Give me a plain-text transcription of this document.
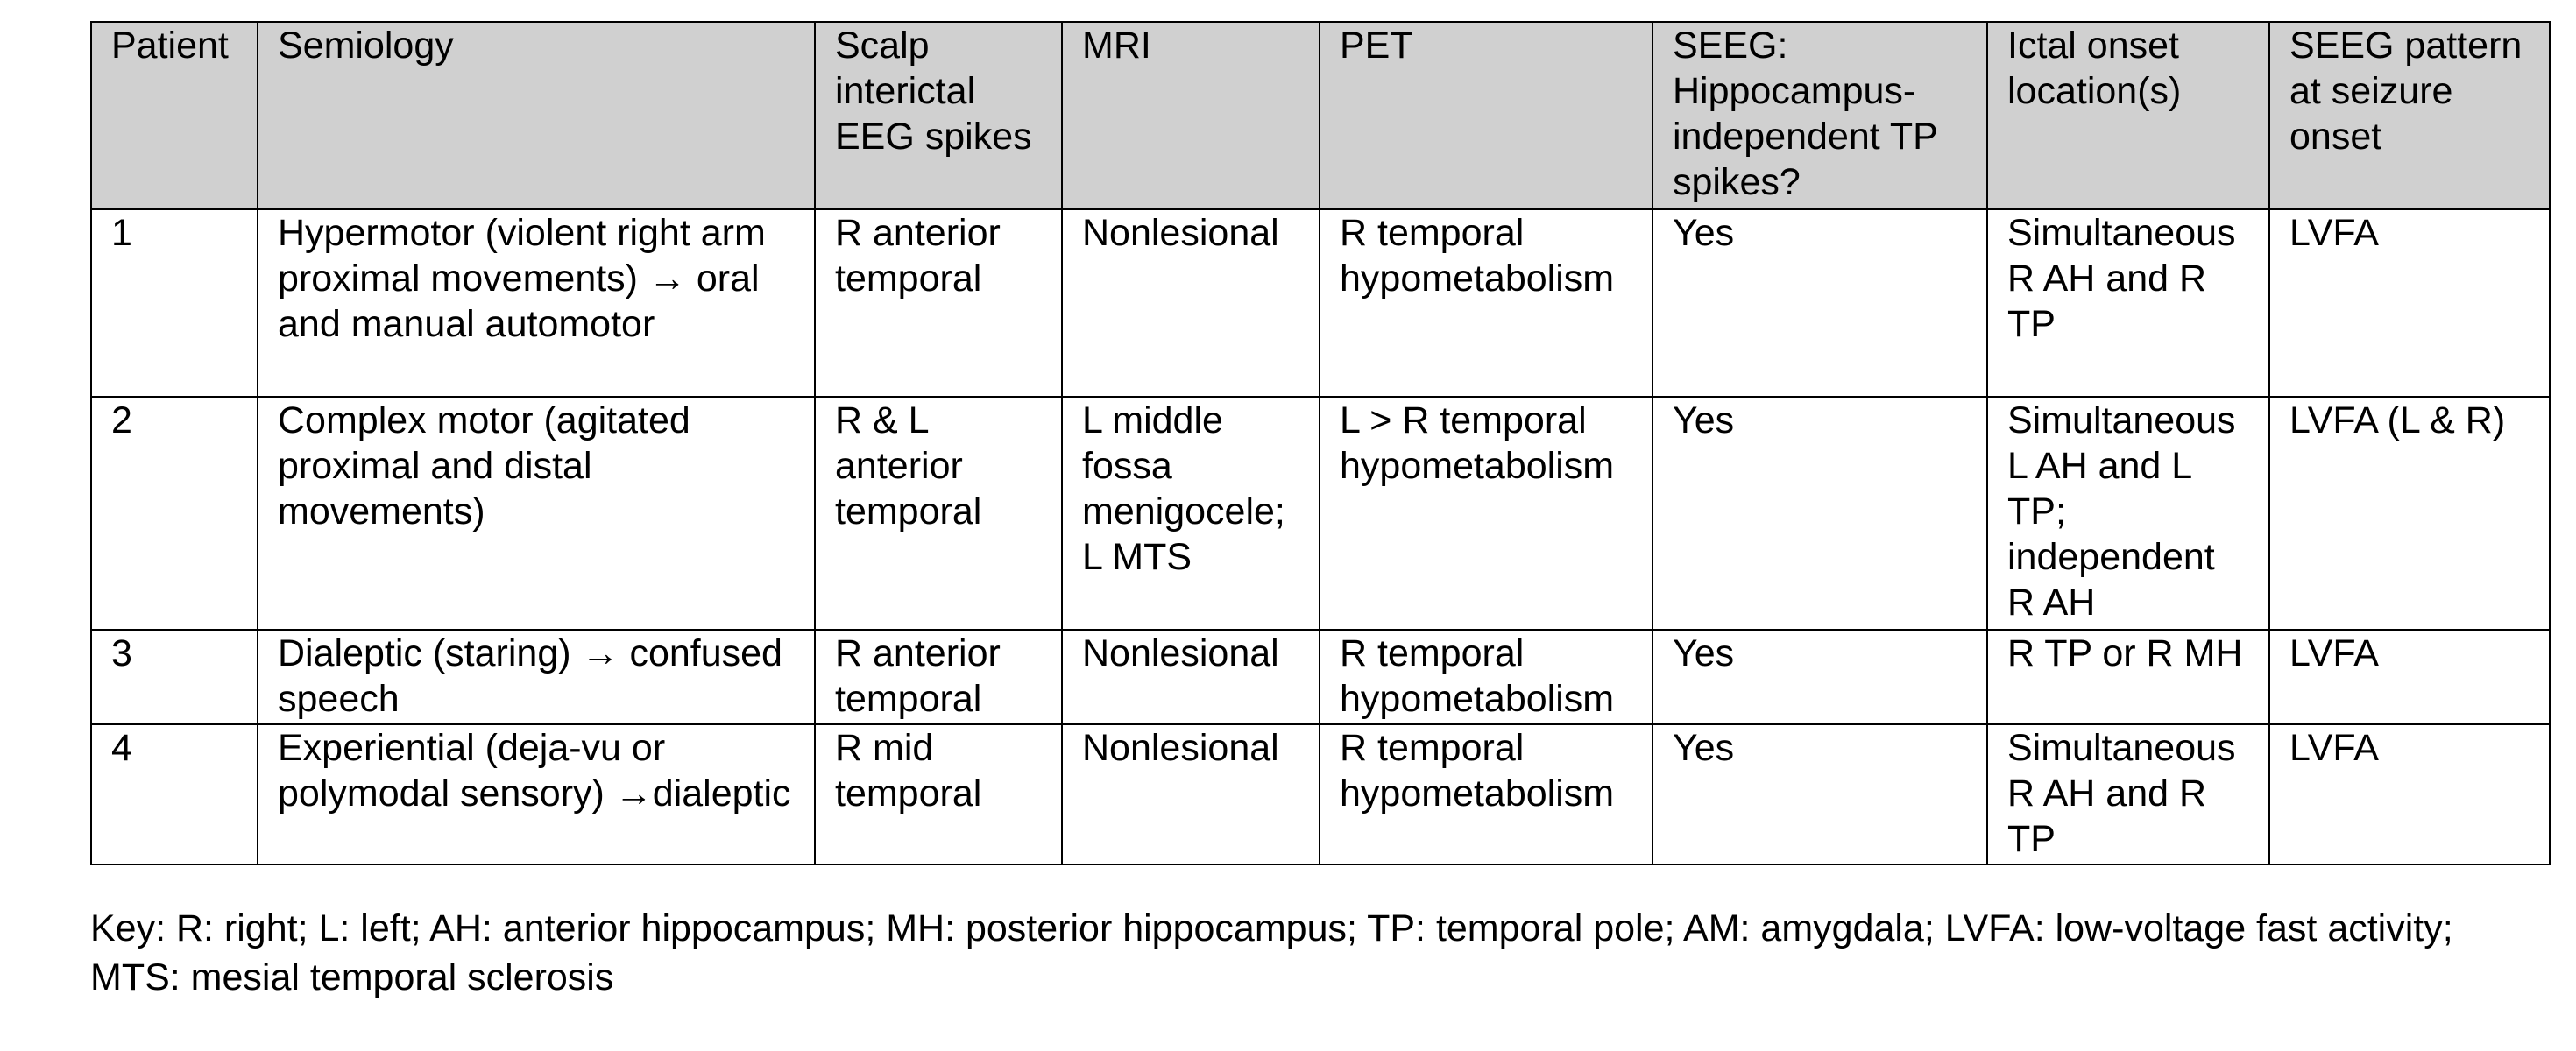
Patient	Semiology	Scalp interictal EEG spikes	MRI	PET	SEEG: Hippocampus-independent TP spikes?	Ictal onset location(s)	SEEG pattern at seizure onset
1	Hypermotor (violent right arm proximal movements) → oral and manual automotor	R anterior temporal	Nonlesional	R temporal hypometabolism	Yes	Simultaneous R AH and R TP	LVFA
2	Complex motor (agitated proximal and distal movements)	R & L anterior temporal	L middle fossa menigocele; L MTS	L > R temporal hypometabolism	Yes	Simultaneous L AH and L TP; independent R AH	LVFA (L & R)
3	Dialeptic (staring) → confused speech	R anterior temporal	Nonlesional	R temporal hypometabolism	Yes	R TP or R MH	LVFA
4	Experiential (deja-vu or polymodal sensory) →dialeptic	R mid temporal	Nonlesional	R temporal hypometabolism	Yes	Simultaneous R AH and R TP	LVFA
Key: R: right; L: left; AH: anterior hippocampus; MH: posterior hippocampus; TP: temporal pole; AM: amygdala; LVFA: low-voltage fast activity; MTS: mesial temporal sclerosis
